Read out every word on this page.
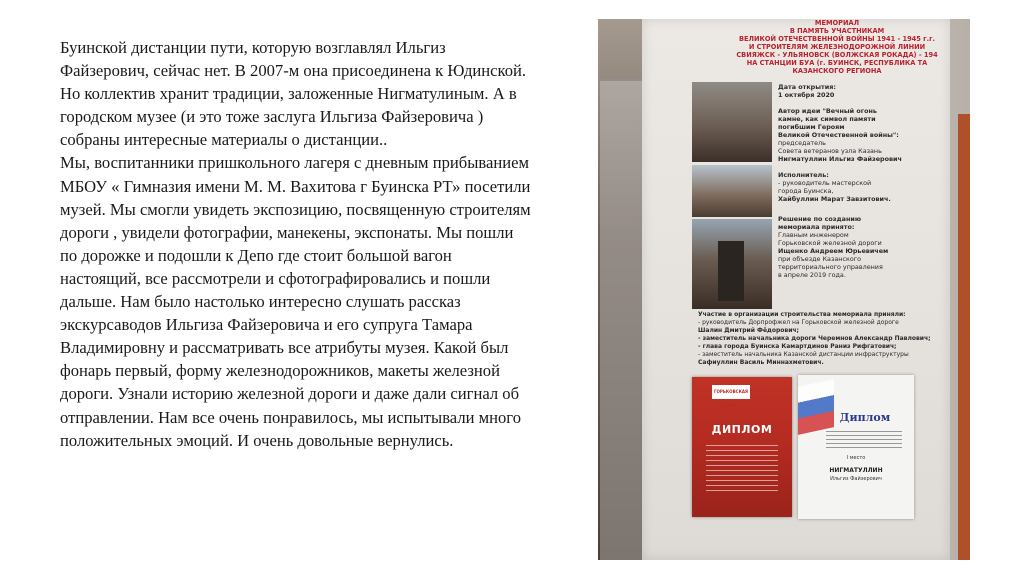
Буинской дистанции пути, которую возглавлял Ильгиз Файзерович, сейчас нет. В 2007-м она присоединена к Юдинской. Но коллектив хранит традиции, заложенные Нигматулиным. А в городском музее (и это тоже заслуга Ильгиза Файзеровича ) собраны интересные материалы о дистанции..

Мы, воспитанники пришкольного лагеря с дневным прибыванием МБОУ « Гимназия имени М. М. Вахитова г Буинска РТ» посетили музей. Мы смогли увидеть экспозицию, посвященную строителям дороги , увидели фотографии, манекены, экспонаты. Мы пошли по дорожке и подошли к Депо где стоит большой вагон настоящий, все рассмотрели и сфотографировались и пошли дальше. Нам было настолько интересно слушать рассказ экскурсаводов Ильгиза Файзеровича и его супруга Тамара Владимировну и рассматривать все атрибуты музея. Какой был фонарь первый, форму железнодорожников, макеты железной дороги. Узнали историю железной дороги и даже дали сигнал об отправлении. Нам все очень понравилось, мы испытывали много положительных эмоций. И очень довольные вернулись.

МЕМОРИАЛ
В ПАМЯТЬ УЧАСТНИКАМ
ВЕЛИКОЙ ОТЕЧЕСТВЕННОЙ ВОЙНЫ 1941 - 1945 г.г.
И СТРОИТЕЛЯМ ЖЕЛЕЗНОДОРОЖНОЙ ЛИНИИ
СВИЯЖСК - УЛЬЯНОВСК (ВОЛЖСКАЯ РОКАДА) - 194
НА СТАНЦИИ БУА (г. БУИНСК, РЕСПУБЛИКА ТА
КАЗАНСКОГО РЕГИОНА
Дата открытия:
1 октября 2020

Автор идеи "Вечный огонь
камне, как символ памяти
погибшим Героям
Великой Отечественной войны":
председатель
Совета ветеранов узла Казань
Нигматуллин Ильгиз Файзерович

Исполнитель:
- руководитель мастерской
города Буинска,
Хайбуллин Марат Завзитович.
Решение по созданию
мемориала принято:
Главным инженером
Горьковской железной дороги
Ищенко Андреем Юрьевичем
при объезде Казанского
территориального управления
в апреле 2019 года.
Участие в организации строительства мемориала приняли:
- руководитель Дорпрофжел на Горьковской железной дороге
Шалин Дмитрий Фёдорович;
- заместитель начальника дороги Черемнов Александр Павлович;
- глава города Буинска Камартдинов Раниз Рифгатович;
- заместитель начальника Казанской дистанции инфраструктуры
Сафиуллин Василь Миннахметович.
ГОРЬКОВСКАЯ ДОРОГА
ДИПЛОМ
Диплом
I место
НИГМАТУЛЛИН
Ильгиз Файзерович
